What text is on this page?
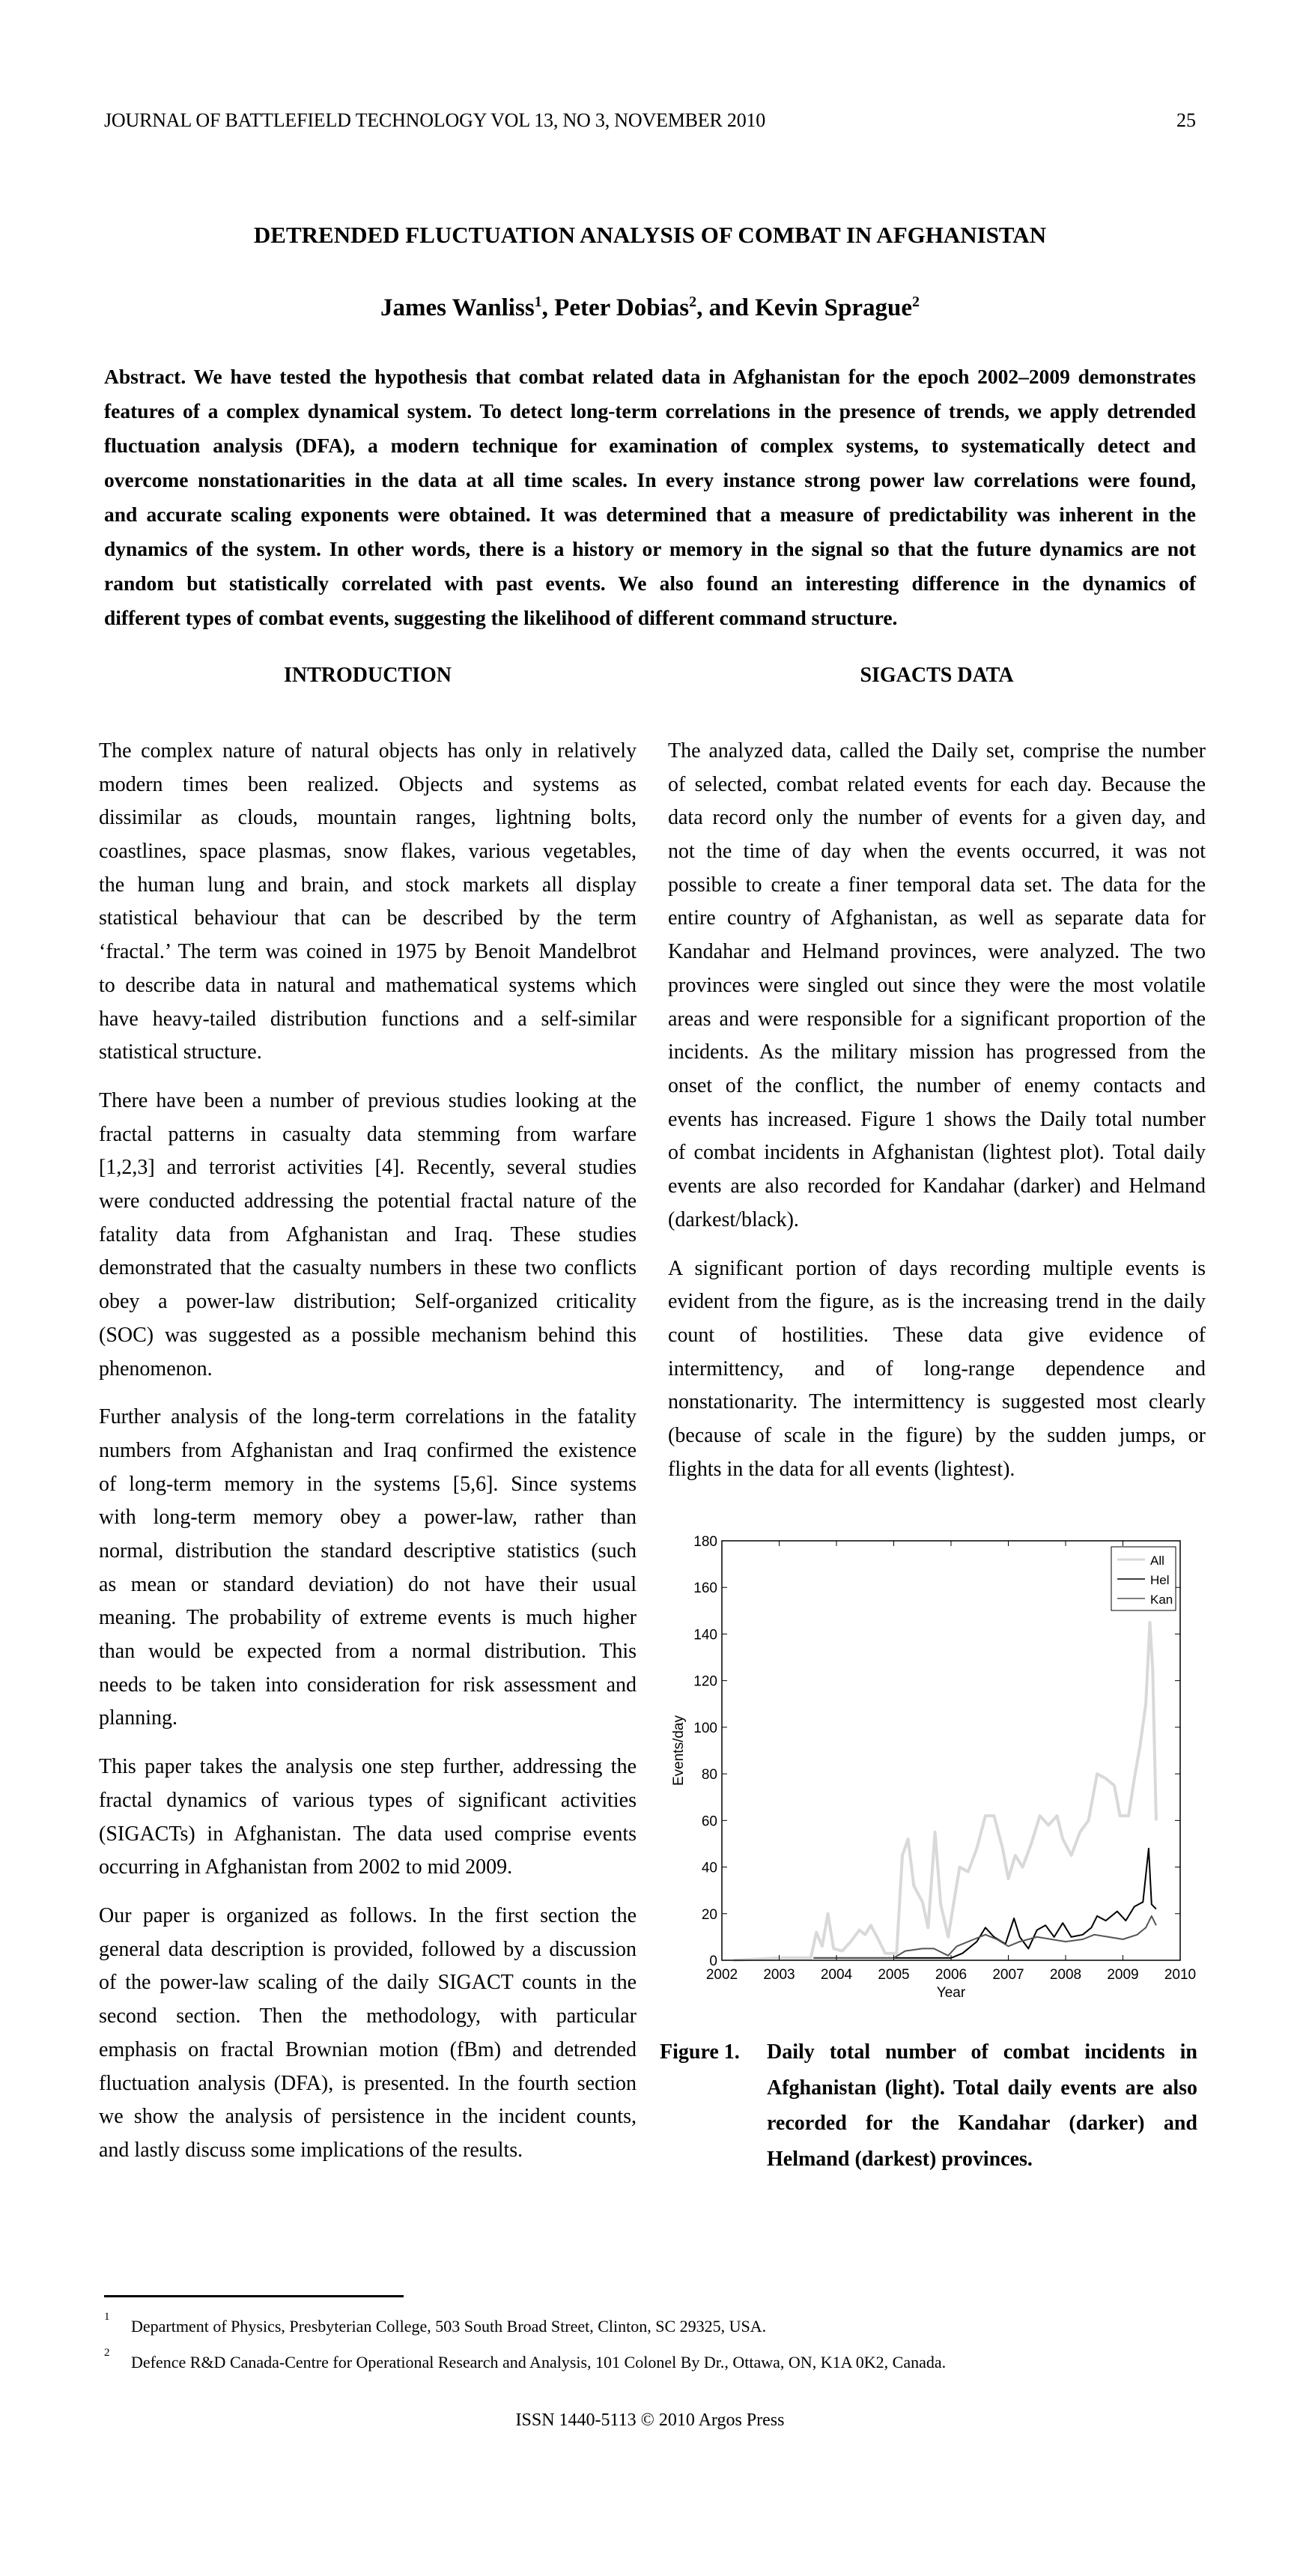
JOURNAL OF BATTLEFIELD TECHNOLOGY VOL 13, NO 3, NOVEMBER 2010	25
DETRENDED FLUCTUATION ANALYSIS OF COMBAT IN AFGHANISTAN
James Wanliss$^1$, Peter Dobias$^2$, and Kevin Sprague$^2$
Abstract. We have tested the hypothesis that combat related data in Afghanistan for the epoch 2002–2009 demonstrates
features of a complex dynamical system. To detect long-term correlations in the presence of trends, we apply detrended
fluctuation analysis (DFA), a modern technique for examination of complex systems, to systematically detect and
overcome nonstationarities in the data at all time scales. In every instance strong power law correlations were found,
and accurate scaling exponents were obtained. It was determined that a measure of predictability was inherent in the
dynamics of the system. In other words, there is a history or memory in the signal so that the future dynamics are not
random but statistically correlated with past events. We also found an interesting difference in the dynamics of
different types of combat events, suggesting the likelihood of different command structure.
INTRODUCTION	SIGACTS DATA
The complex nature of natural objects has only in relatively
modern times been realized. Objects and systems as
dissimilar as clouds, mountain ranges, lightning bolts,
coastlines, space plasmas, snow flakes, various vegetables,
the human lung and brain, and stock markets all display
statistical behaviour that can be described by the term
‘fractal.’ The term was coined in 1975 by Benoit Mandelbrot
to describe data in natural and mathematical systems which
have heavy-tailed distribution functions and a self-similar
statistical structure.
There have been a number of previous studies looking at the
fractal patterns in casualty data stemming from warfare
[1,2,3] and terrorist activities [4]. Recently, several studies
were conducted addressing the potential fractal nature of the
fatality data from Afghanistan and Iraq. These studies
demonstrated that the casualty numbers in these two conflicts
obey a power-law distribution; Self-organized criticality
(SOC) was suggested as a possible mechanism behind this
phenomenon.
Further analysis of the long-term correlations in the fatality
numbers from Afghanistan and Iraq confirmed the existence
of long-term memory in the systems [5,6]. Since systems
with long-term memory obey a power-law, rather than
normal, distribution the standard descriptive statistics (such
as mean or standard deviation) do not have their usual
meaning. The probability of extreme events is much higher
than would be expected from a normal distribution. This
needs to be taken into consideration for risk assessment and
planning.
This paper takes the analysis one step further, addressing the
fractal dynamics of various types of significant activities
(SIGACTs) in Afghanistan. The data used comprise events
occurring in Afghanistan from 2002 to mid 2009.
Our paper is organized as follows. In the first section the
general data description is provided, followed by a discussion
of the power-law scaling of the daily SIGACT counts in the
second section. Then the methodology, with particular
emphasis on fractal Brownian motion (fBm) and detrended
fluctuation analysis (DFA), is presented. In the fourth section
we show the analysis of persistence in the incident counts,
and lastly discuss some implications of the results.
The analyzed data, called the Daily set, comprise the number
of selected, combat related events for each day. Because the
data record only the number of events for a given day, and
not the time of day when the events occurred, it was not
possible to create a finer temporal data set. The data for the
entire country of Afghanistan, as well as separate data for
Kandahar and Helmand provinces, were analyzed. The two
provinces were singled out since they were the most volatile
areas and were responsible for a significant proportion of the
incidents. As the military mission has progressed from the
onset of the conflict, the number of enemy contacts and
events has increased. Figure 1 shows the Daily total number
of combat incidents in Afghanistan (lightest plot). Total daily
events are also recorded for Kandahar (darker) and Helmand
(darkest/black).
A significant portion of days recording multiple events is
evident from the figure, as is the increasing trend in the daily
count of hostilities. These data give evidence of
intermittency, and of long-range dependence and
nonstationarity. The intermittency is suggested most clearly
(because of scale in the figure) by the sudden jumps, or
flights in the data for all events (lightest).
2002 2003 2004 2005 2006 2007 2008 2009 2010
0
20
40
60
80
100
120
140
160
180
Year
Events/day
All
Hel
Kan
Figure 1. Daily total number of combat incidents in
Afghanistan (light). Total daily events are also
recorded for the Kandahar (darker) and
Helmand (darkest) provinces.
1 Department of Physics, Presbyterian College, 503 South Broad Street, Clinton, SC 29325, USA.
2 Defence R&D Canada-Centre for Operational Research and Analysis, 101 Colonel By Dr., Ottawa, ON, K1A 0K2, Canada.
ISSN 1440-5113 © 2010 Argos Press
